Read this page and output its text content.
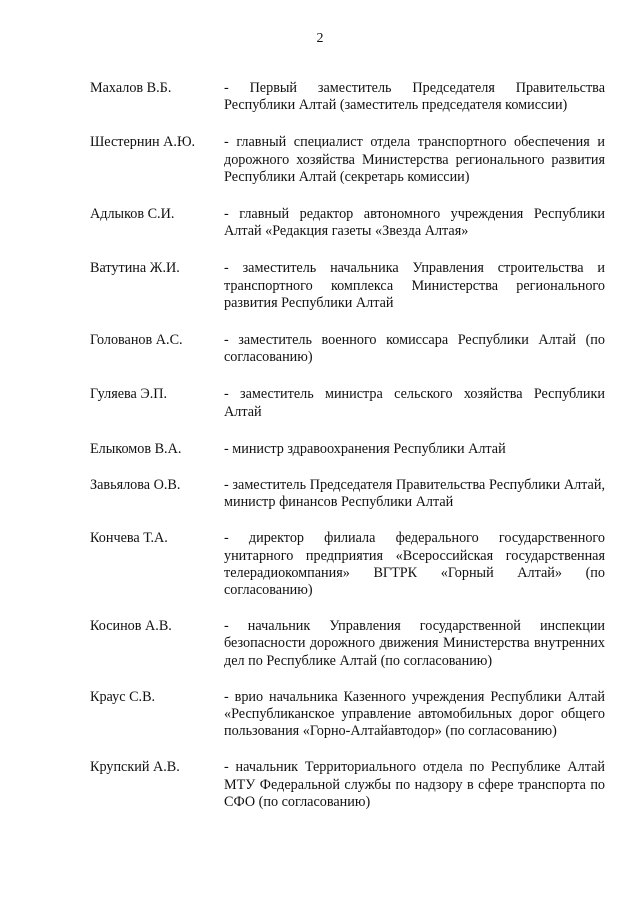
2
Махалов В.Б.	- Первый заместитель Председателя Правительства Республики Алтай (заместитель председателя комиссии)
Шестернин А.Ю.	- главный специалист отдела транспортного обеспечения и дорожного хозяйства Министерства регионального развития Республики Алтай (секретарь комиссии)
Адлыков С.И.	- главный редактор автономного учреждения Республики Алтай «Редакция газеты «Звезда Алтая»
Ватутина Ж.И.	- заместитель начальника Управления строительства и транспортного комплекса Министерства регионального развития Республики Алтай
Голованов А.С.	- заместитель военного комиссара Республики Алтай (по согласованию)
Гуляева Э.П.	- заместитель министра сельского хозяйства Республики Алтай
Елыкомов В.А.	- министр здравоохранения Республики Алтай
Завьялова О.В.	- заместитель Председателя Правительства Республики Алтай, министр финансов Республики Алтай
Кончева Т.А.	- директор филиала федерального государственного унитарного предприятия «Всероссийская государственная телерадиокомпания» ВГТРК «Горный Алтай» (по согласованию)
Косинов А.В.	- начальник Управления государственной инспекции безопасности дорожного движения Министерства внутренних дел по Республике Алтай (по согласованию)
Краус С.В.	- врио начальника Казенного учреждения Республики Алтай «Республиканское управление автомобильных дорог общего пользования «Горно-Алтайавтодор» (по согласованию)
Крупский А.В.	- начальник Территориального отдела по Республике Алтай МТУ Федеральной службы по надзору в сфере транспорта по СФО (по согласованию)
